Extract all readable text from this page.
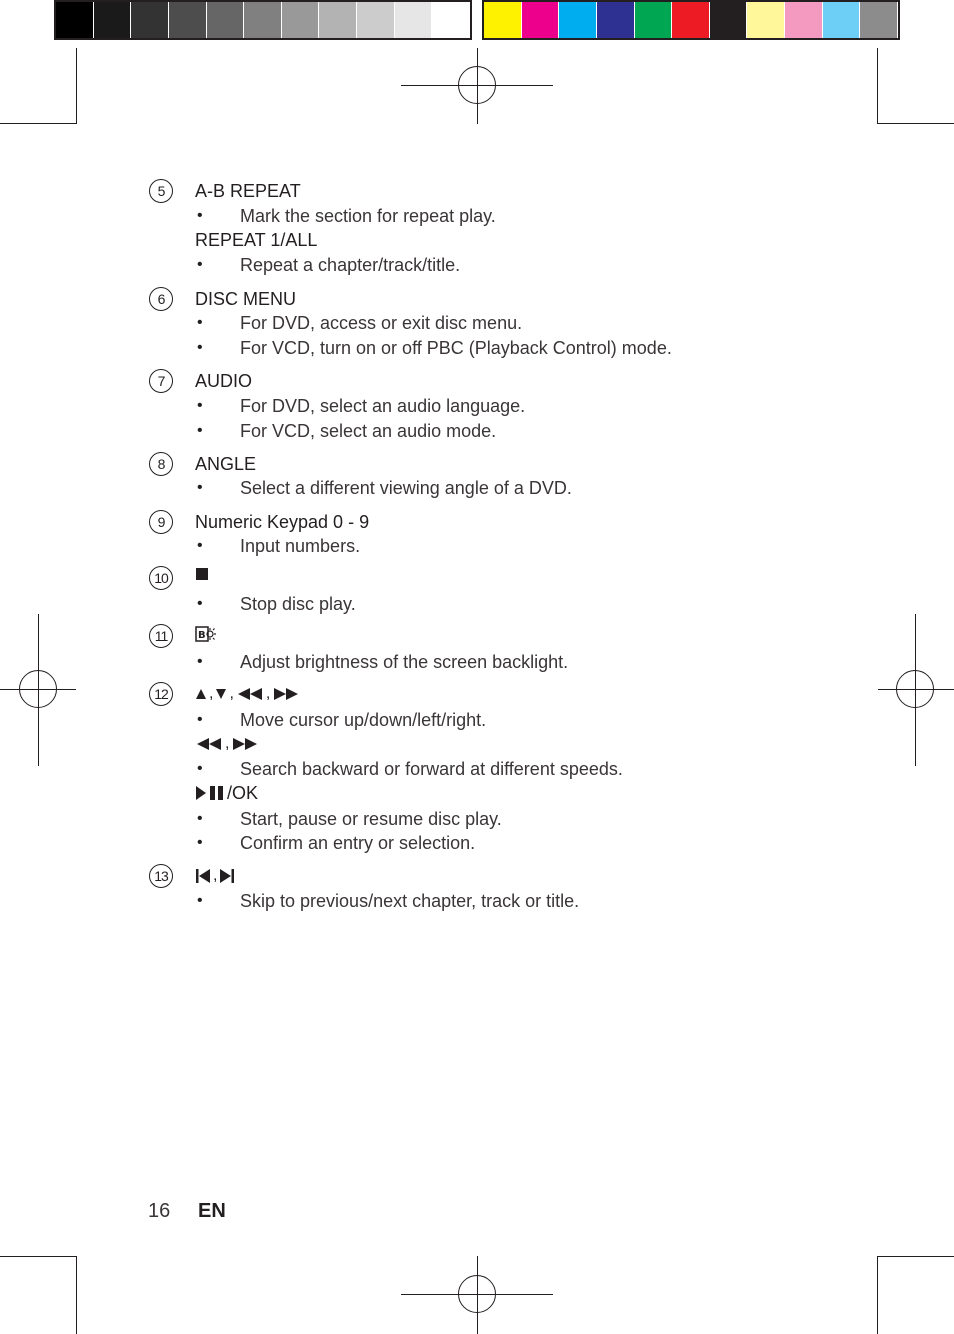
5	A-B REPEAT
• Mark the section for repeat play.
REPEAT 1/ALL
• Repeat a chapter/track/title.
6	DISC MENU
• For DVD, access or exit disc menu.
• For VCD, turn on or off PBC (Playback Control) mode.
7	AUDIO
• For DVD, select an audio language.
• For VCD, select an audio mode.
8	ANGLE
• Select a different viewing angle of a DVD.
9	Numeric Keypad 0 - 9
• Input numbers.
10
• Stop disc play.
11	B
• Adjust brightness of the screen backlight.
12	, , ,
• Move cursor up/down/left/right.
,
• Search backward or forward at different speeds.
/OK
• Start, pause or resume disc play.
• Confirm an entry or selection.
13	,
• Skip to previous/next chapter, track or title.
16 EN
